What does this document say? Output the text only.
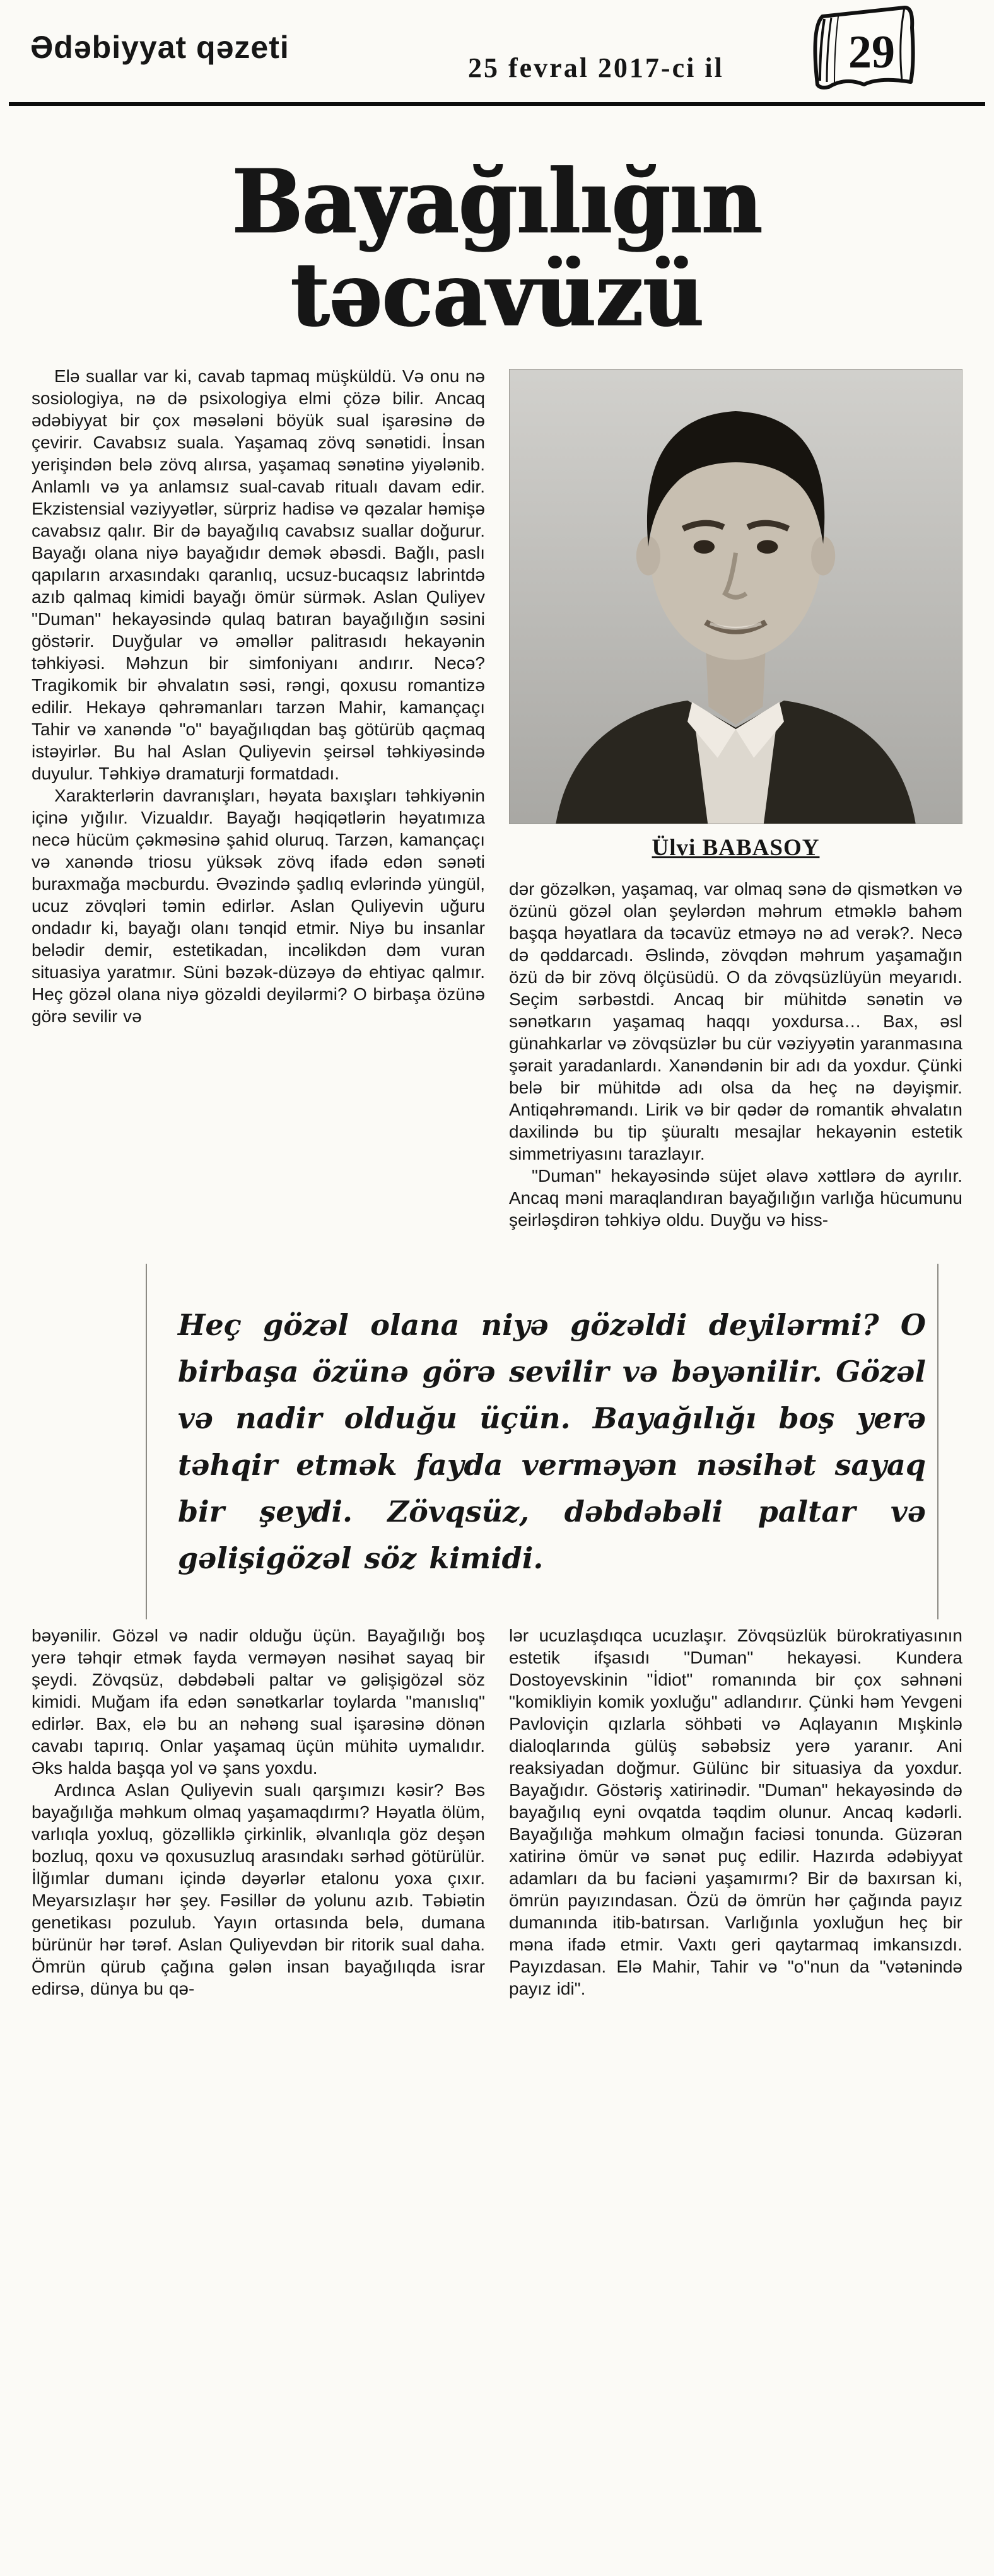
Ədəbiyyat qəzeti
25 fevral 2017-ci il	29
Bayağılığın təcavüzü

Elə suallar var ki, cavab tapmaq müşküldü. Və onu nə sosiologiya, nə də psixologiya elmi çözə bilir. Ancaq ədəbiyyat bir çox məsələni böyük sual işarəsinə də çevirir. Cavabsız suala. Yaşamaq zövq sənətidi. İnsan yerişindən belə zövq alırsa, yaşamaq sənətinə yiyələnib. Anlamlı və ya anlamsız sual-cavab ritualı davam edir. Ekzistensial vəziyyətlər, sürpriz hadisə və qəzalar həmişə cavabsız qalır. Bir də bayağılıq cavabsız suallar doğurur. Bayağı olana niyə bayağıdır demək əbəsdi. Bağlı, paslı qapıların arxasındakı qaranlıq, ucsuz-bucaqsız labrintdə azıb qalmaq kimidi bayağı ömür sürmək. Aslan Quliyev "Duman" hekayəsində qulaq batıran bayağılığın səsini göstərir. Duyğular və əməllər palitrasıdı hekayənin təhkiyəsi. Məhzun bir simfoniyanı andırır. Necə? Tragikomik bir əhvalatın səsi, rəngi, qoxusu romantizə edilir. Hekayə qəhrəmanları tarzən Mahir, kamançaçı Tahir və xanəndə "o" bayağılıqdan baş götürüb qaçmaq istəyirlər. Bu hal Aslan Quliyevin şeirsəl təhkiyəsində duyulur. Təhkiyə dramaturji formatdadı.

Xarakterlərin davranışları, həyata baxışları təhkiyənin içinə yığılır. Vizualdır. Bayağı həqiqətlərin həyatımıza necə hücüm çəkməsinə şahid oluruq. Tarzən, kamançaçı və xanəndə triosu yüksək zövq ifadə edən sənəti buraxmağa məcburdu. Əvəzində şadlıq evlərində yüngül, ucuz zövqləri təmin edirlər. Aslan Quliyevin uğuru ondadır ki, bayağı olanı tənqid etmir. Niyə bu insanlar belədir demir, estetikadan, incəlikdən dəm vuran situasiya yaratmır. Süni bəzək-düzəyə də ehtiyac qalmır. Heç gözəl olana niyə gözəldi deyilərmi? O birbaşa özünə görə sevilir və

Ülvi BABASOY

dər gözəlkən, yaşamaq, var olmaq sənə də qismətkən və özünü gözəl olan şeylərdən məhrum etməklə bahəm başqa həyatlara da təcavüz etməyə nə ad verək?. Necə də qəddarcadı. Əslində, zövqdən məhrum yaşamağın özü də bir zövq ölçüsüdü. O da zövqsüzlüyün meyarıdı. Seçim sərbəstdi. Ancaq bir mühitdə sənətin və sənətkarın yaşamaq haqqı yoxdursa… Bax, əsl günahkarlar və zövqsüzlər bu cür vəziyyətin yaranmasına şərait yaradanlardı. Xanəndənin bir adı da yoxdur. Çünki belə bir mühitdə adı olsa da heç nə dəyişmir. Antiqəhrəmandı. Lirik və bir qədər də romantik əhvalatın daxilində bu tip şüuraltı mesajlar hekayənin estetik simmetriyasını tarazlayır.

"Duman" hekayəsində süjet əlavə xəttlərə də ayrılır. Ancaq məni maraqlandıran bayağılığın varlığa hücumunu şeirləşdirən təhkiyə oldu. Duyğu və hiss-

Heç gözəl olana niyə gözəldi deyilərmi? O birbaşa özünə görə sevilir və bəyənilir. Gözəl və nadir olduğu üçün. Bayağılığı boş yerə təhqir etmək fayda verməyən nəsihət sayaq bir şeydi. Zövqsüz, dəbdəbəli paltar və gəlişigözəl söz kimidi.

bəyənilir. Gözəl və nadir olduğu üçün. Bayağılığı boş yerə təhqir etmək fayda verməyən nəsihət sayaq bir şeydi. Zövqsüz, dəbdəbəli paltar və gəlişigözəl söz kimidi. Muğam ifa edən sənətkarlar toylarda "manıslıq" edirlər. Bax, elə bu an nəhəng sual işarəsinə dönən cavabı tapırıq. Onlar yaşamaq üçün mühitə uymalıdır. Əks halda başqa yol və şans yoxdu.

Ardınca Aslan Quliyevin sualı qarşımızı kəsir? Bəs bayağılığa məhkum olmaq yaşamaqdırmı? Həyatla ölüm, varlıqla yoxluq, gözəlliklə çirkinlik, əlvanlıqla göz deşən bozluq, qoxu və qoxusuzluq arasındakı sərhəd götürülür. İlğımlar dumanı içində dəyərlər etalonu yoxa çıxır. Meyarsızlaşır hər şey. Fəsillər də yolunu azıb. Təbiətin genetikası pozulub. Yayın ortasında belə, dumana bürünür hər tərəf. Aslan Quliyevdən bir ritorik sual daha. Ömrün qürub çağına gələn insan bayağılıqda israr edirsə, dünya bu qə-

lər ucuzlaşdıqca ucuzlaşır. Zövqsüzlük bürokratiyasının estetik ifşasıdı "Duman" hekayəsi. Kundera Dostoyevskinin "İdiot" romanında bir çox səhnəni "komikliyin komik yoxluğu" adlandırır. Çünki həm Yevgeni Pavloviçin qızlarla söhbəti və Aqlayanın Mışkinlə dialoqlarında gülüş səbəbsiz yerə yaranır. Ani reaksiyadan doğmur. Gülünc bir situasiya da yoxdur. Bayağıdır. Göstəriş xatirinədir. "Duman" hekayəsində də bayağılıq eyni ovqatda təqdim olunur. Ancaq kədərli. Bayağılığa məhkum olmağın faciəsi tonunda. Güzəran xatirinə ömür və sənət puç edilir. Hazırda ədəbiyyat adamları da bu faciəni yaşamırmı? Bir də baxırsan ki, ömrün payızındasan. Özü də ömrün hər çağında payız dumanında itib-batırsan. Varlığınla yoxluğun heç bir məna ifadə etmir. Vaxtı geri qaytarmaq imkansızdı. Payızdasan. Elə Mahir, Tahir və "o"nun da "vətənində payız idi".
